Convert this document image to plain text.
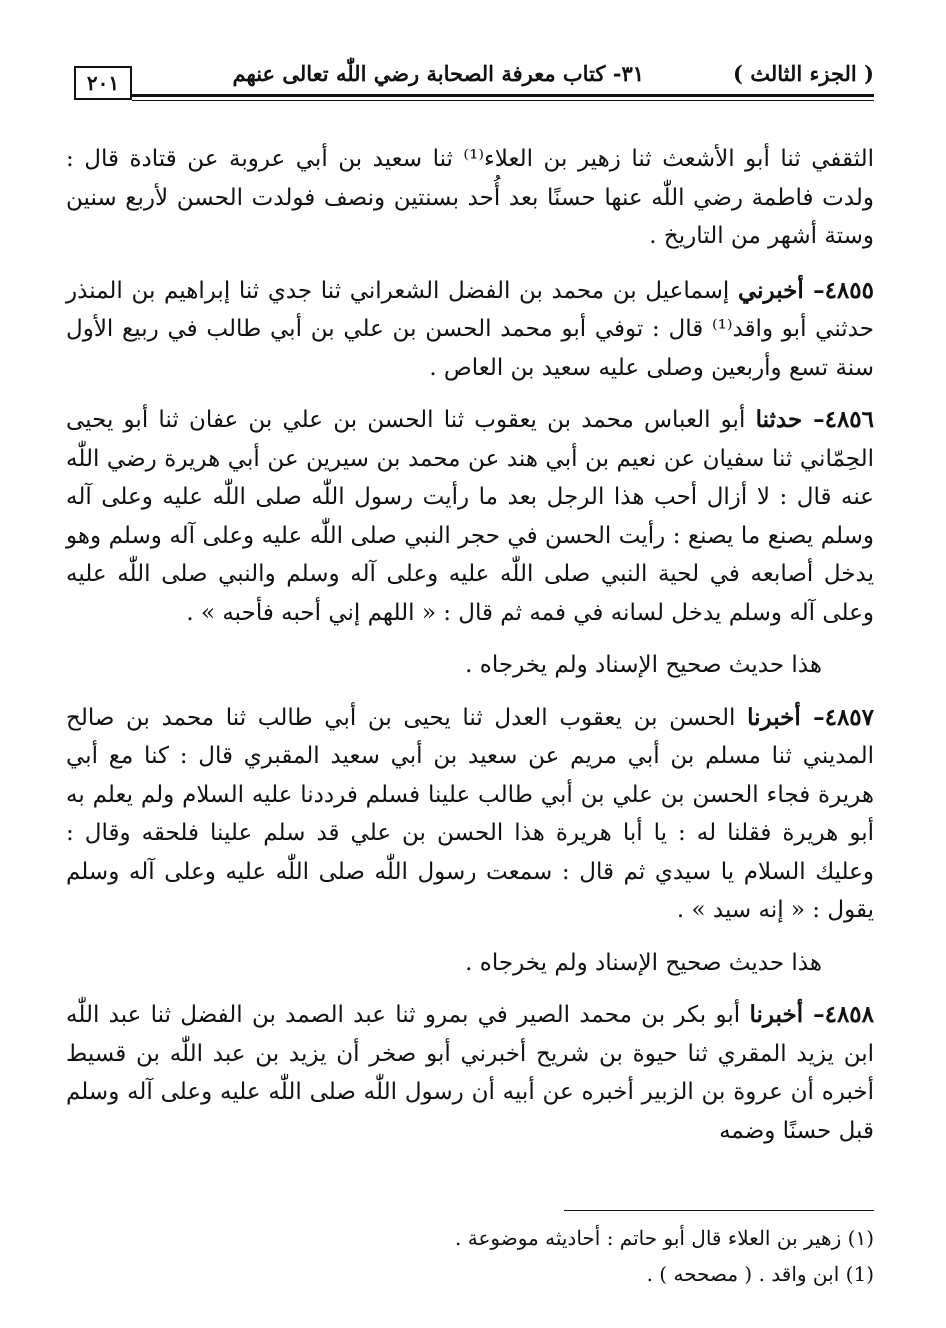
( الجزء الثالث )
٣١- كتاب معرفة الصحابة رضي اللّٰه تعالى عنهم
٢٠١

الثقفي ثنا أبو الأشعث ثنا زهير بن العلاء⁽¹⁾ ثنا سعيد بن أبي عروبة عن قتادة قال : ولدت فاطمة رضي اللّٰه عنها حسنًا بعد أُحد بسنتين ونصف فولدت الحسن لأربع سنين وستة أشهر من التاريخ .

٤٨٥٥– أخبرني إسماعيل بن محمد بن الفضل الشعراني ثنا جدي ثنا إبراهيم بن المنذر حدثني أبو واقد⁽¹⁾ قال : توفي أبو محمد الحسن بن علي بن أبي طالب في ربيع الأول سنة تسع وأربعين وصلى عليه سعيد بن العاص .

٤٨٥٦– حدثنا أبو العباس محمد بن يعقوب ثنا الحسن بن علي بن عفان ثنا أبو يحيى الحِمّاني ثنا سفيان عن نعيم بن أبي هند عن محمد بن سيرين عن أبي هريرة رضي اللّٰه عنه قال : لا أزال أحب هذا الرجل بعد ما رأيت رسول اللّٰه صلى اللّٰه عليه وعلى آله وسلم يصنع ما يصنع : رأيت الحسن في حجر النبي صلى اللّٰه عليه وعلى آله وسلم وهو يدخل أصابعه في لحية النبي صلى اللّٰه عليه وعلى آله وسلم والنبي صلى اللّٰه عليه وعلى آله وسلم يدخل لسانه في فمه ثم قال : « اللهم إني أحبه فأحبه » .

هذا حديث صحيح الإسناد ولم يخرجاه .

٤٨٥٧– أخبرنا الحسن بن يعقوب العدل ثنا يحيى بن أبي طالب ثنا محمد بن صالح المديني ثنا مسلم بن أبي مريم عن سعيد بن أبي سعيد المقبري قال : كنا مع أبي هريرة فجاء الحسن بن علي بن أبي طالب علينا فسلم فرددنا عليه السلام ولم يعلم به أبو هريرة فقلنا له : يا أبا هريرة هذا الحسن بن علي قد سلم علينا فلحقه وقال : وعليك السلام يا سيدي ثم قال : سمعت رسول اللّٰه صلى اللّٰه عليه وعلى آله وسلم يقول : « إنه سيد » .

هذا حديث صحيح الإسناد ولم يخرجاه .

٤٨٥٨– أخبرنا أبو بكر بن محمد الصير في بمرو ثنا عبد الصمد بن الفضل ثنا عبد اللّٰه ابن يزيد المقري ثنا حيوة بن شريح أخبرني أبو صخر أن يزيد بن عبد اللّٰه بن قسيط أخبره أن عروة بن الزبير أخبره عن أبيه أن رسول اللّٰه صلى اللّٰه عليه وعلى آله وسلم قبل حسنًا وضمه

(١) زهير بن العلاء قال أبو حاتم : أحاديثه موضوعة .
(1) ابن واقد . ( مصححه ) .
